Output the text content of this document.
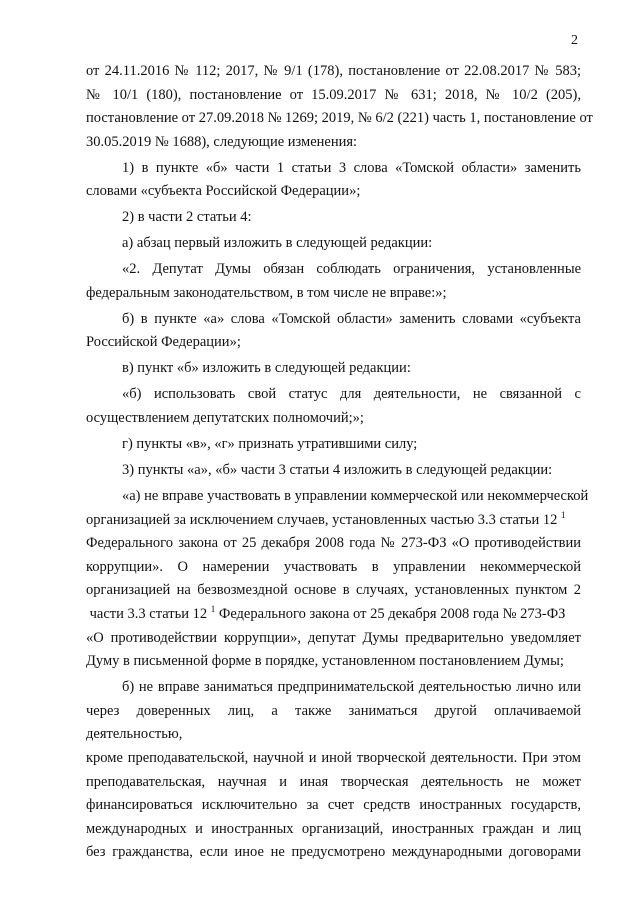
2
от 24.11.2016 № 112; 2017, № 9/1 (178), постановление от 22.08.2017 № 583;
№ 10/1 (180), постановление от 15.09.2017 № 631; 2018, № 10/2 (205),
постановление от 27.09.2018 № 1269; 2019, № 6/2 (221) часть 1, постановление от
30.05.2019 № 1688), следующие изменения:
1) в пункте «б» части 1 статьи 3 слова «Томской области» заменить
словами «субъекта Российской Федерации»;
2) в части 2 статьи 4:
а) абзац первый изложить в следующей редакции:
«2. Депутат Думы обязан соблюдать ограничения, установленные
федеральным законодательством, в том числе не вправе:»;
б) в пункте «а» слова «Томской области» заменить словами «субъекта
Российской Федерации»;
в) пункт «б» изложить в следующей редакции:
«б) использовать свой статус для деятельности, не связанной с
осуществлением депутатских полномочий;»;
г) пункты «в», «г» признать утратившими силу;
3) пункты «а», «б» части 3 статьи 4 изложить в следующей редакции:
«а) не вправе участвовать в управлении коммерческой или некоммерческой
организацией за исключением случаев, установленных частью 3.3 статьи 12 $^1$
Федерального закона от 25 декабря 2008 года № 273-ФЗ «О противодействии
коррупции». О намерении участвовать в управлении некоммерческой
организацией на безвозмездной основе в случаях, установленных пунктом 2
части 3.3 статьи 12 $^1$ Федерального закона от 25 декабря 2008 года № 273-ФЗ
«О противодействии коррупции», депутат Думы предварительно уведомляет
Думу в письменной форме в порядке, установленном постановлением Думы;
б) не вправе заниматься предпринимательской деятельностью лично или
через доверенных лиц, а также заниматься другой оплачиваемой деятельностью,
кроме преподавательской, научной и иной творческой деятельности. При этом
преподавательская, научная и иная творческая деятельность не может
финансироваться исключительно за счет средств иностранных государств,
международных и иностранных организаций, иностранных граждан и лиц
без гражданства, если иное не предусмотрено международными договорами
